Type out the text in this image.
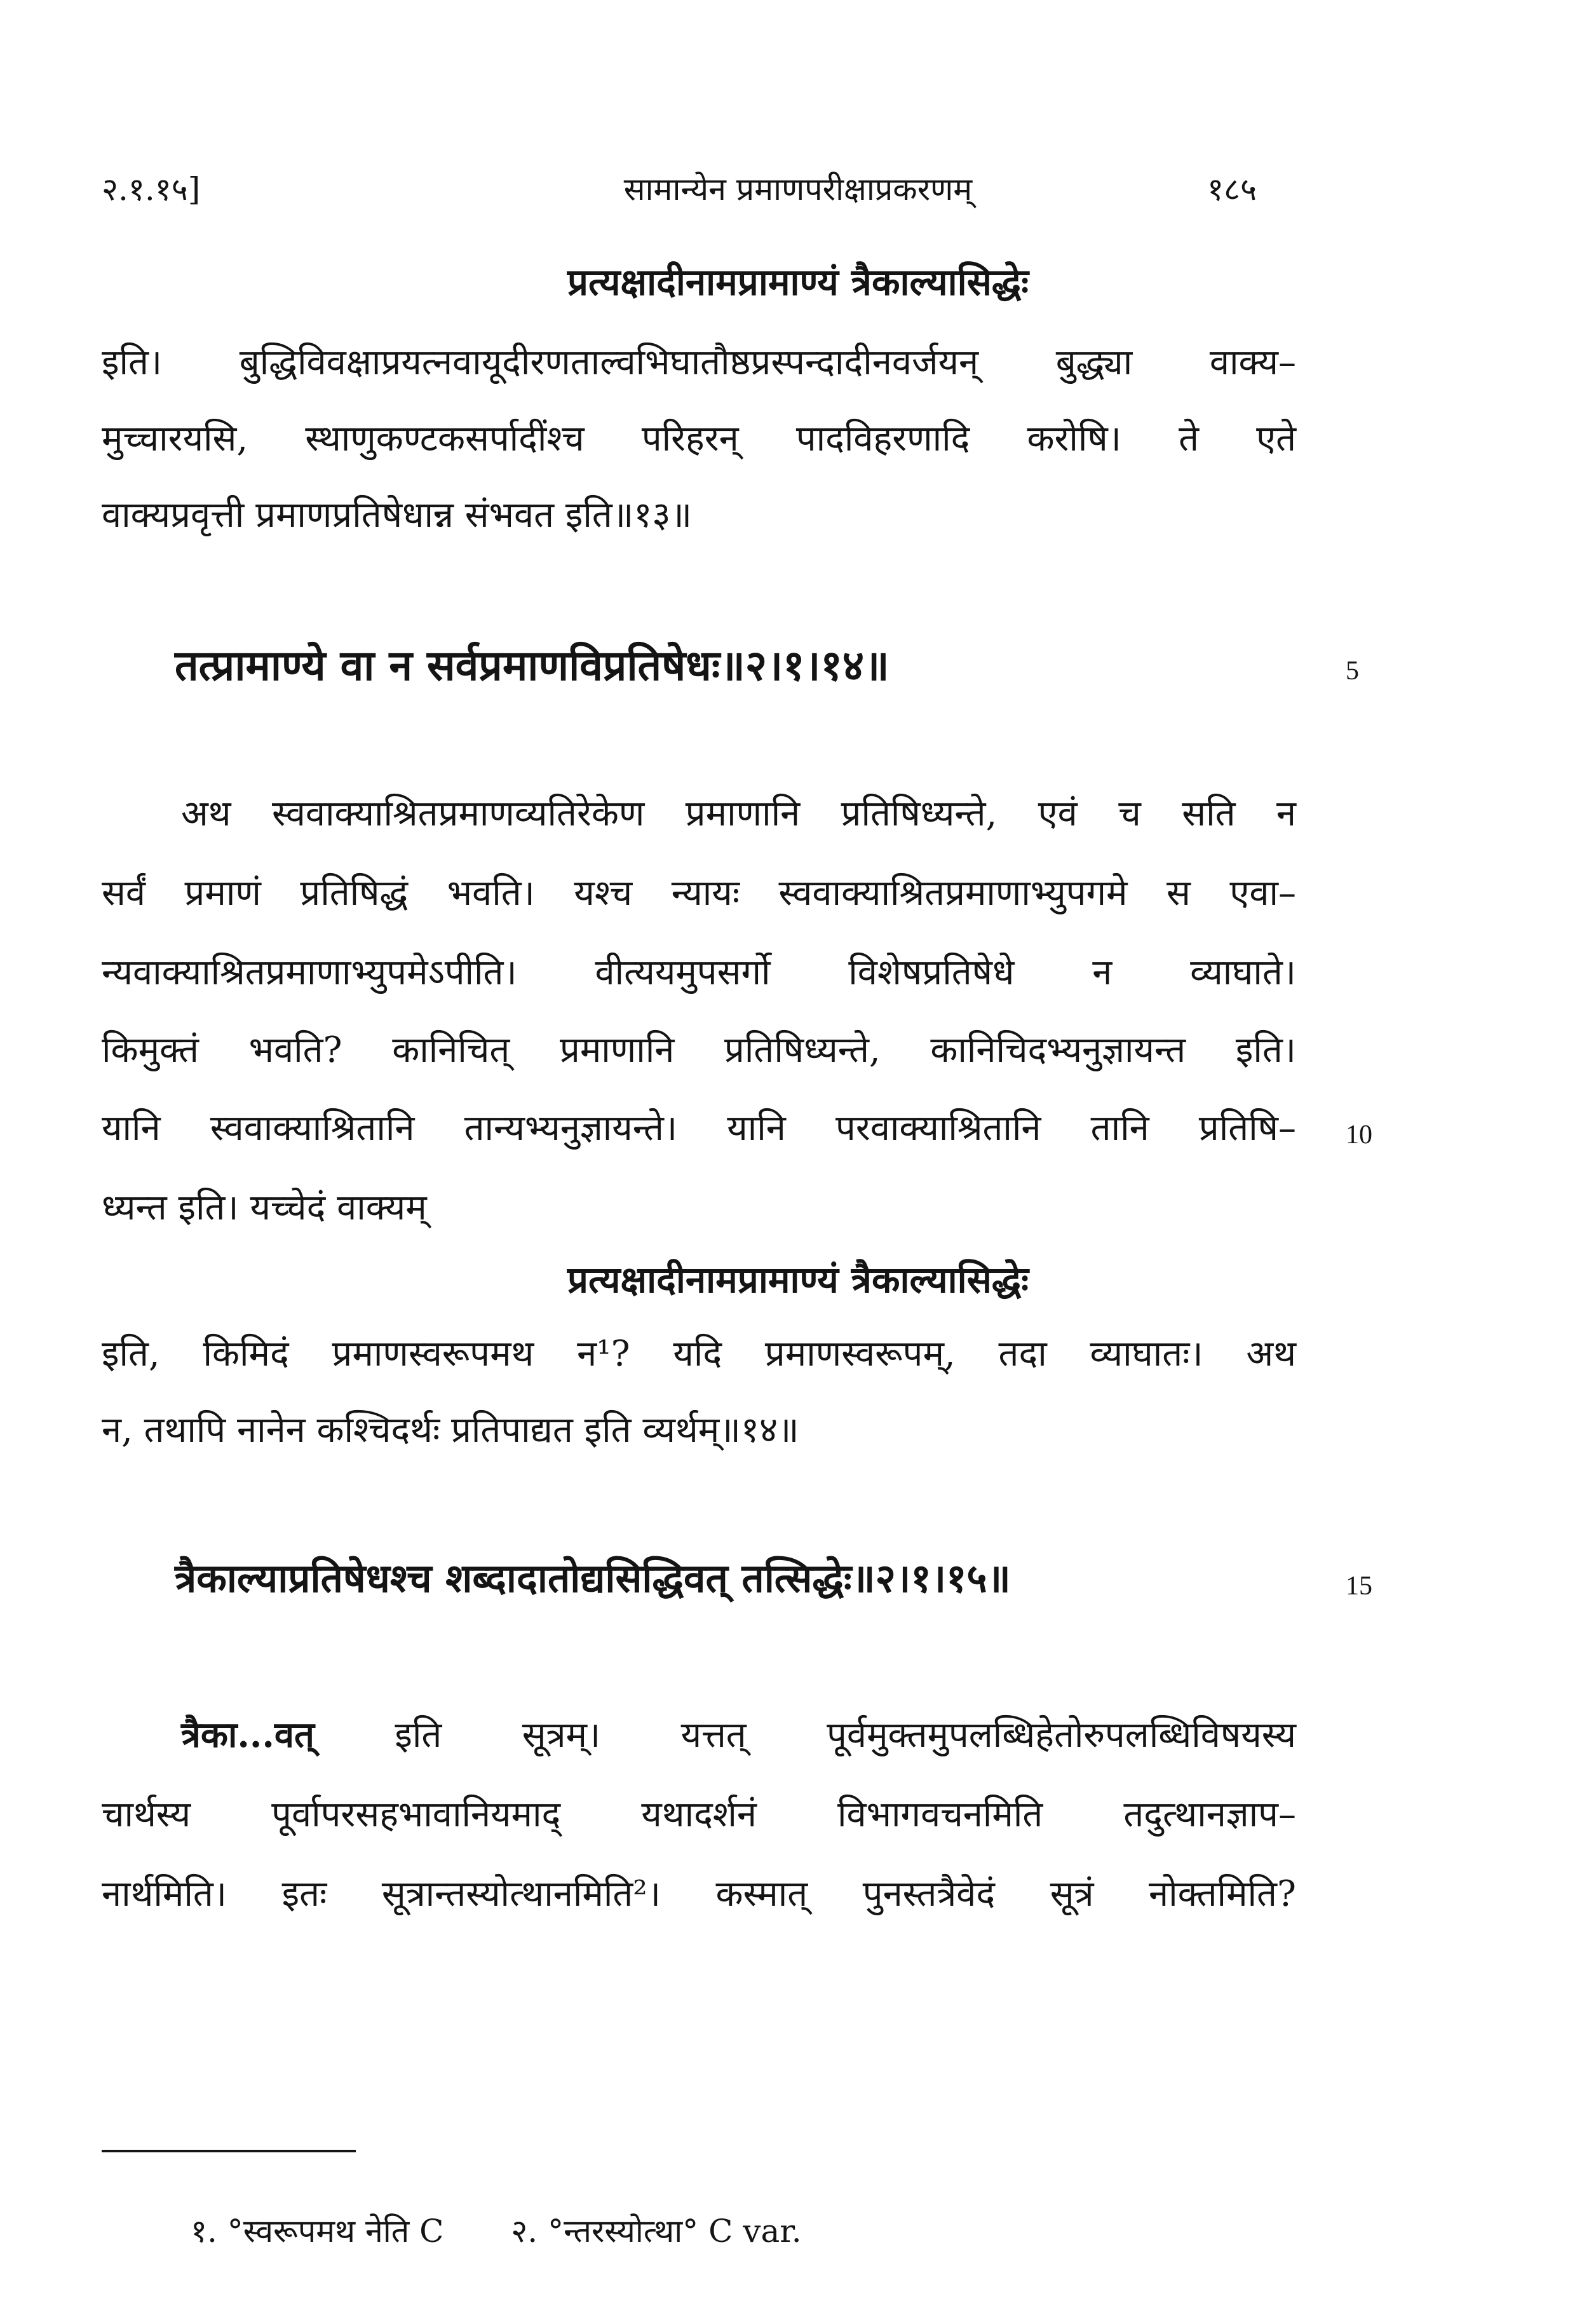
२.१.१५]	सामान्येन प्रमाणपरीक्षाप्रकरणम्	१८५
प्रत्यक्षादीनामप्रामाण्यं त्रैकाल्यासिद्धेः
इति। बुद्धिविवक्षाप्रयत्नवायूदीरणताल्वभिघातौष्ठप्रस्पन्दादीनवर्जयन् बुद्ध्या वाक्य–
मुच्चारयसि, स्थाणुकण्टकसर्पादींश्च परिहरन् पादविहरणादि करोषि। ते एते
वाक्यप्रवृत्ती प्रमाणप्रतिषेधान्न संभवत इति॥१३॥
तत्प्रामाण्ये वा न सर्वप्रमाणविप्रतिषेधः॥२।१।१४॥	5
अथ स्ववाक्याश्रितप्रमाणव्यतिरेकेण प्रमाणानि प्रतिषिध्यन्ते, एवं च सति न
सर्वं प्रमाणं प्रतिषिद्धं भवति। यश्च न्यायः स्ववाक्याश्रितप्रमाणाभ्युपगमे स एवा–
न्यवाक्याश्रितप्रमाणाभ्युपमेऽपीति। वीत्ययमुपसर्गो विशेषप्रतिषेधे न व्याघाते।
किमुक्तं भवति? कानिचित् प्रमाणानि प्रतिषिध्यन्ते, कानिचिदभ्यनुज्ञायन्त इति।
यानि स्ववाक्याश्रितानि तान्यभ्यनुज्ञायन्ते। यानि परवाक्याश्रितानि तानि प्रतिषि– 10
ध्यन्त इति। यच्चेदं वाक्यम्
प्रत्यक्षादीनामप्रामाण्यं त्रैकाल्यासिद्धेः
इति, किमिदं प्रमाणस्वरूपमथ न¹? यदि प्रमाणस्वरूपम्, तदा व्याघातः। अथ
न, तथापि नानेन कश्चिदर्थः प्रतिपाद्यत इति व्यर्थम्॥१४॥
त्रैकाल्याप्रतिषेधश्च शब्दादातोद्यसिद्धिवत् तत्सिद्धेः॥२।१।१५॥	15
त्रैका...वत् इति सूत्रम्। यत्तत् पूर्वमुक्तमुपलब्धिहेतोरुपलब्धिविषयस्य
चार्थस्य पूर्वापरसहभावानियमाद् यथादर्शनं विभागवचनमिति तदुत्थानज्ञाप–
नार्थमिति। इतः सूत्रान्तस्योत्थानमिति²। कस्मात् पुनस्तत्रैवेदं सूत्रं नोक्तमिति?
१. °स्वरूपमथ नेति C २. °न्तरस्योत्था° C var.
